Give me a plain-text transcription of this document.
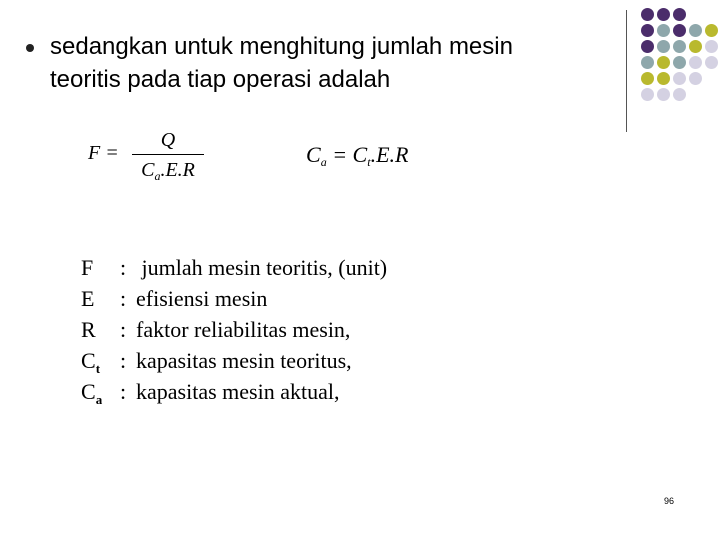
sedangkan untuk menghitung jumlah mesin
teoritis pada tiap operasi adalah
F =
Q
$C_a.E.R$
$C_a = C_t.E.R$
F	: jumlah mesin teoritis, (unit)
E	: efisiensi mesin
R	: faktor reliabilitas mesin,
$C_t$ : kapasitas mesin teoritus,
$C_a$ : kapasitas mesin aktual,
96
